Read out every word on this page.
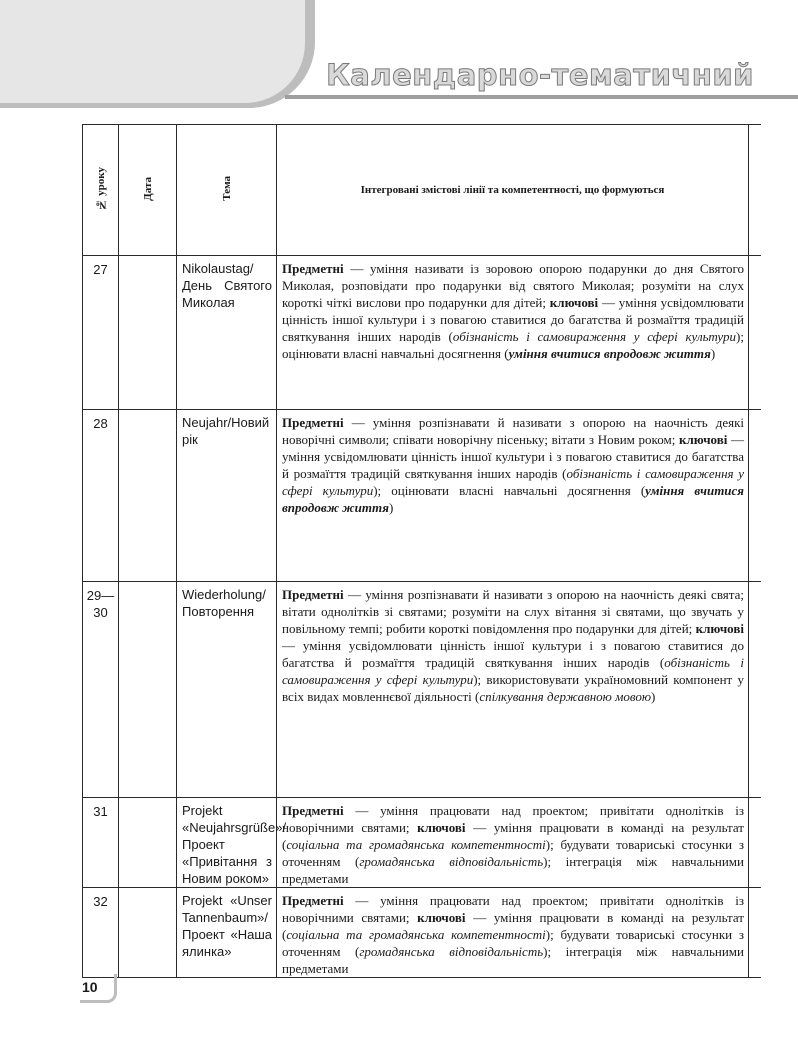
Календарно-тематичний
№ уроку	Дата	Тема	Інтегровані змістові лінії та компетентності, що формуються	
27		Nikolaustag/ День Святого Миколая	Предметні — уміння називати із зоровою опорою подарунки до дня Святого Миколая, розповідати про подарунки від святого Миколая; розуміти на слух короткі чіткі вислови про подарунки для дітей; ключові — уміння усвідомлювати цінність іншої культури і з повагою ставитися до багатства й розмаїття традицій святкування інших народів (обізнаність і самовираження у сфері культури); оцінювати власні навчальні досягнення (уміння вчитися впродовж життя)	
28		Neujahr/Новий рік	Предметні — уміння розпізнавати й називати з опорою на наочність деякі новорічні символи; співати новорічну пісеньку; вітати з Новим роком; ключові — уміння усвідомлювати цінність іншої культури і з повагою ставитися до багатства й розмаїття традицій святкування інших народів (обізнаність і самовираження у сфері культури); оцінювати власні навчальні досягнення (уміння вчитися впродовж життя)	
29— 30		Wiederholung/ Повторення	Предметні — уміння розпізнавати й називати з опорою на наочність деякі свята; вітати однолітків зі святами; розуміти на слух вітання зі святами, що звучать у повільному темпі; робити короткі повідомлення про подарунки для дітей; ключові — уміння усвідомлювати цінність іншої культури і з повагою ставитися до багатства й розмаїття традицій святкування інших народів (обізнаність і самовираження у сфері культури); використовувати україномовний компонент у всіх видах мовленнєвої діяльності (спілкування державною мовою)	
31		Projekt «Neujahrsgrüße»/ Проект «Привітання з Новим роком»	Предметні — уміння працювати над проектом; привітати однолітків із новорічними святами; ключові — уміння працювати в команді на результат (соціальна та громадянська компетентності); будувати товариські стосунки з оточенням (громадянська відповідальність); інтеграція між навчальними предметами	
32		Projekt «Unser Tannenbaum»/ Проект «Наша ялинка»	Предметні — уміння працювати над проектом; привітати однолітків із новорічними святами; ключові — уміння працювати в команді на результат (соціальна та громадянська компетентності); будувати товариські стосунки з оточенням (громадянська відповідальність); інтеграція між навчальними предметами	
10
